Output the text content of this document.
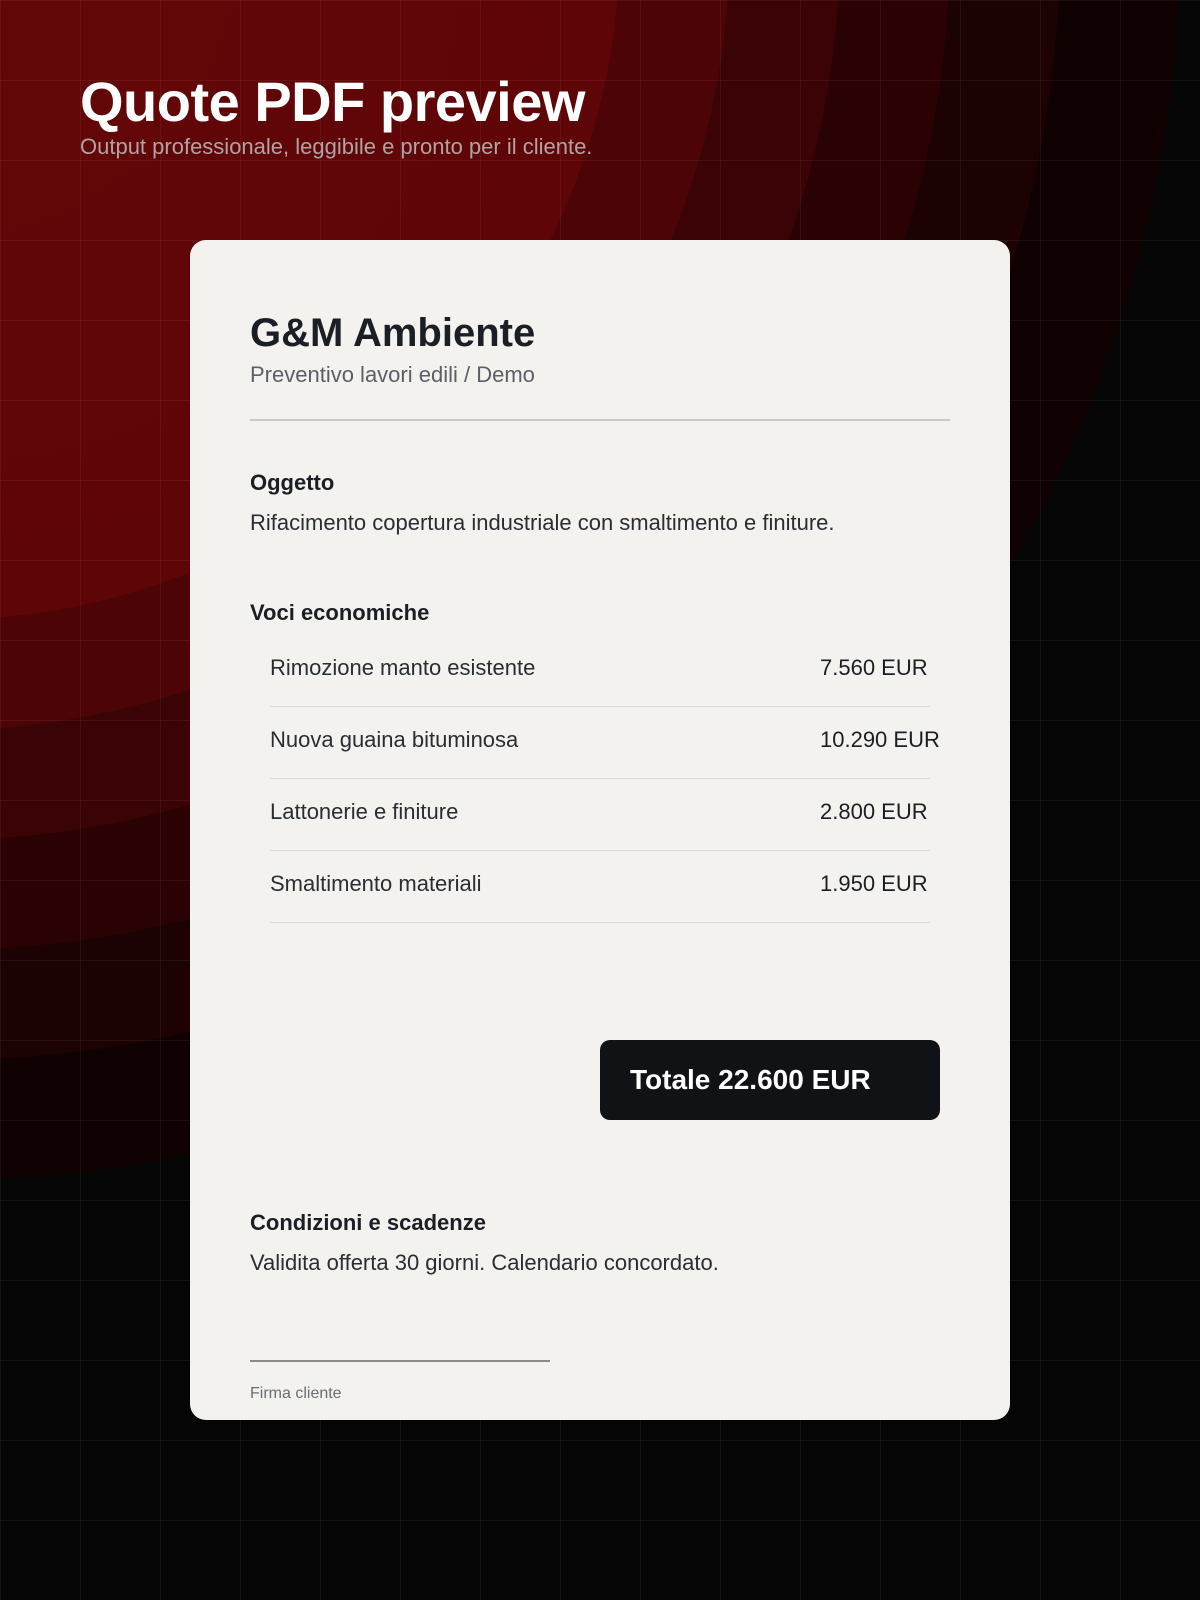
Quote PDF preview

Output professionale, leggibile e pronto per il cliente.

G&M Ambiente

Preventivo lavori edili / Demo

Oggetto

Rifacimento copertura industriale con smaltimento e finiture.

Voci economiche
Rimozione manto esistente	7.560 EUR
Nuova guaina bituminosa	10.290 EUR
Lattonerie e finiture	2.800 EUR
Smaltimento materiali	1.950 EUR
Totale 22.600 EUR
Condizioni e scadenze

Validita offerta 30 giorni. Calendario concordato.

Firma cliente
